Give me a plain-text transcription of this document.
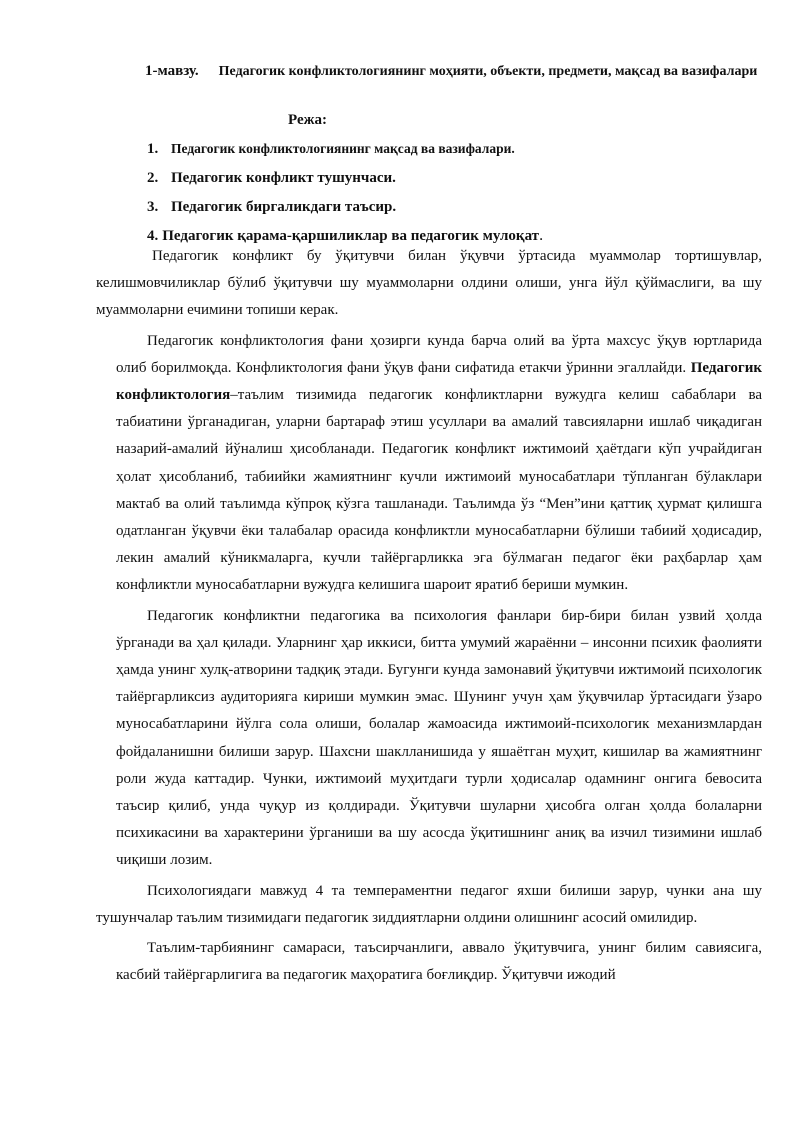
1-мавзу. Педагогик конфликтологиянинг моҳияти, объекти, предмети, мақсад ва вазифалари
Режа:
1. Педагогик конфликтологиянинг мақсад ва вазифалари.
2. Педагогик конфликт тушунчаси.
3. Педагогик биргаликдаги таъсир.
4. Педагогик қарама-қаршиликлар ва педагогик мулоқат.

Педагогик конфликт бу ўқитувчи билан ўқувчи ўртасида муаммолар тортишувлар, келишмовчиликлар бўлиб ўқитувчи шу муаммоларни олдини олиши, унга йўл қўймаслиги, ва шу муаммоларни ечимини топиши керак.

Педагогик конфликтология фани ҳозирги кунда барча олий ва ўрта махсус ўқув юртларида олиб борилмоқда. Конфликтология фани ўқув фани сифатида етакчи ўринни эгаллайди. Педагогик конфликтология–таълим тизимида педагогик конфликтларни вужудга келиш сабаблари ва табиатини ўрганадиган, уларни бартараф этиш усуллари ва амалий тавсияларни ишлаб чиқадиган назарий-амалий йўналиш ҳисобланади. Педагогик конфликт ижтимоий ҳаётдаги кўп учрайдиган ҳолат ҳисобланиб, табиийки жамиятнинг кучли ижтимоий муносабатлари тўпланган бўлаклари мактаб ва олий таълимда кўпроқ кўзга ташланади. Таълимда ўз “Мен”ини қаттиқ ҳурмат қилишга одатланган ўқувчи ёки талабалар орасида конфликтли муносабатларни бўлиши табиий ҳодисадир, лекин амалий кўникмаларга, кучли тайёргарликка эга бўлмаган педагог ёки раҳбарлар ҳам конфликтли муносабатларни вужудга келишига шароит яратиб бериши мумкин.

Педагогик конфликтни педагогика ва психология фанлари бир-бири билан узвий ҳолда ўрганади ва ҳал қилади. Уларнинг ҳар иккиси, битта умумий жараённи – инсонни психик фаолияти ҳамда унинг хулқ-атворини тадқиқ этади. Бугунги кунда замонавий ўқитувчи ижтимоий психологик тайёргарликсиз аудиторияга кириши мумкин эмас. Шунинг учун ҳам ўқувчилар ўртасидаги ўзаро муносабатларини йўлга сола олиши, болалар жамоасида ижтимоий-психологик механизмлардан фойдаланишни билиши зарур. Шахсни шаклланишида у яшаётган муҳит, кишилар ва жамиятнинг роли жуда каттадир. Чунки, ижтимоий муҳитдаги турли ҳодисалар одамнинг онгига бевосита таъсир қилиб, унда чуқур из қолдиради. Ўқитувчи шуларни ҳисобга олган ҳолда болаларни психикасини ва характерини ўрганиши ва шу асосда ўқитишнинг аниқ ва изчил тизимини ишлаб чиқиши лозим.

Психологиядаги мавжуд 4 та темпераментни педагог яхши билиши зарур, чунки ана шу тушунчалар таълим тизимидаги педагогик зиддиятларни олдини олишнинг асосий омилидир.

Таълим-тарбиянинг самараси, таъсирчанлиги, аввало ўқитувчига, унинг билим савиясига, касбий тайёргарлигига ва педагогик маҳоратига боғлиқдир. Ўқитувчи ижодий
